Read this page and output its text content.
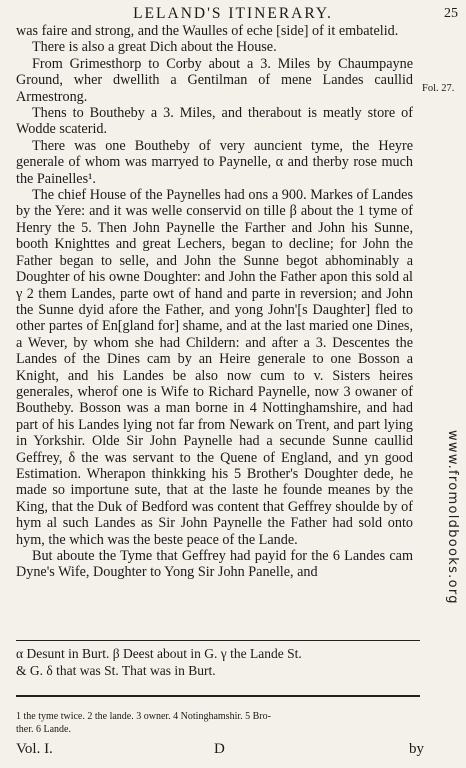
LELAND'S ITINERARY.	25
Fol. 27.

was faire and strong, and the Waulles of eche [side] of it embatelid.

There is also a great Dich about the House.

From Grimesthorp to Corby about a 3. Miles by Chaumpayne Ground, wher dwellith a Gentilman of mene Landes caullid Armestrong.

Thens to Boutheby a 3. Miles, and therabout is meatly store of Wodde scaterid.

There was one Boutheby of very auncient tyme, the Heyre generale of whom was marryed to Paynelle, α and therby rose much the Painelles¹.

The chief House of the Paynelles had ons a 900. Markes of Landes by the Yere: and it was welle conservid on tille β about the 1 tyme of Henry the 5. Then John Paynelle the Farther and John his Sunne, booth Knighttes and great Lechers, began to decline; for John the Father began to selle, and John the Sunne begot abhominably a Doughter of his owne Doughter: and John the Father apon this sold al γ 2 them Landes, parte owt of hand and parte in reversion; and John the Sunne dyid afore the Father, and yong John'[s Daughter] fled to other partes of En[gland for] shame, and at the last maried one Dines, a Wever, by whom she had Childern: and after a 3. Descentes the Landes of the Dines cam by an Heire generale to one Bosson a Knight, and his Landes be also now cum to v. Sisters heires generales, wherof one is Wife to Richard Paynelle, now 3 owaner of Boutheby. Bosson was a man borne in 4 Nottinghamshire, and had part of his Landes lying not far from Newark on Trent, and part lying in Yorkshir. Olde Sir John Paynelle had a secunde Sunne caullid Geffrey, δ the was servant to the Quene of England, and yn good Estimation. Wherapon thinkking his 5 Brother's Doughter dede, he made so importune sute, that at the laste he founde meanes by the King, that the Duk of Bedford was content that Geffrey shoulde by of hym al such Landes as Sir John Paynelle the Father had sold onto hym, the which was the beste peace of the Lande.

But aboute the Tyme that Geffrey had payid for the 6 Landes cam Dyne's Wife, Doughter to Yong Sir John Panelle, and

α Desunt in Burt. β Deest about in G. γ the Lande St.
& G. δ that was St. That was in Burt.
1 the tyme twice. 2 the lande. 3 owner. 4 Notinghamshir. 5 Bro-
ther. 6 Lande.
Vol. I.	D	by
www.fromoldbooks.org
